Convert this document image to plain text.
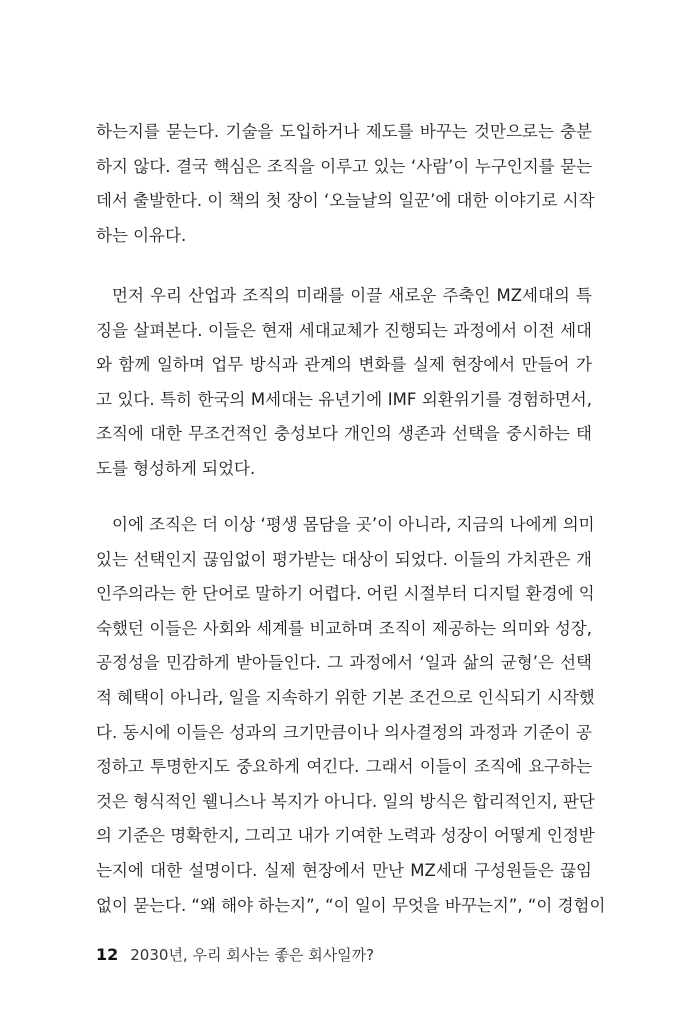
하는지를 묻는다. 기술을 도입하거나 제도를 바꾸는 것만으로는 충분
하지 않다. 결국 핵심은 조직을 이루고 있는 ‘사람’이 누구인지를 묻는
데서 출발한다. 이 책의 첫 장이 ‘오늘날의 일꾼’에 대한 이야기로 시작
하는 이유다.
먼저 우리 산업과 조직의 미래를 이끌 새로운 주축인 MZ세대의 특
징을 살펴본다. 이들은 현재 세대교체가 진행되는 과정에서 이전 세대
와 함께 일하며 업무 방식과 관계의 변화를 실제 현장에서 만들어 가
고 있다. 특히 한국의 M세대는 유년기에 IMF 외환위기를 경험하면서,
조직에 대한 무조건적인 충성보다 개인의 생존과 선택을 중시하는 태
도를 형성하게 되었다.
이에 조직은 더 이상 ‘평생 몸담을 곳’이 아니라, 지금의 나에게 의미
있는 선택인지 끊임없이 평가받는 대상이 되었다. 이들의 가치관은 개
인주의라는 한 단어로 말하기 어렵다. 어린 시절부터 디지털 환경에 익
숙했던 이들은 사회와 세계를 비교하며 조직이 제공하는 의미와 성장,
공정성을 민감하게 받아들인다. 그 과정에서 ‘일과 삶의 균형’은 선택
적 혜택이 아니라, 일을 지속하기 위한 기본 조건으로 인식되기 시작했
다. 동시에 이들은 성과의 크기만큼이나 의사결정의 과정과 기준이 공
정하고 투명한지도 중요하게 여긴다. 그래서 이들이 조직에 요구하는
것은 형식적인 웰니스나 복지가 아니다. 일의 방식은 합리적인지, 판단
의 기준은 명확한지, 그리고 내가 기여한 노력과 성장이 어떻게 인정받
는지에 대한 설명이다. 실제 현장에서 만난 MZ세대 구성원들은 끊임
없이 묻는다. “왜 해야 하는지”, “이 일이 무엇을 바꾸는지”, “이 경험이
12 2030년, 우리 회사는 좋은 회사일까?
